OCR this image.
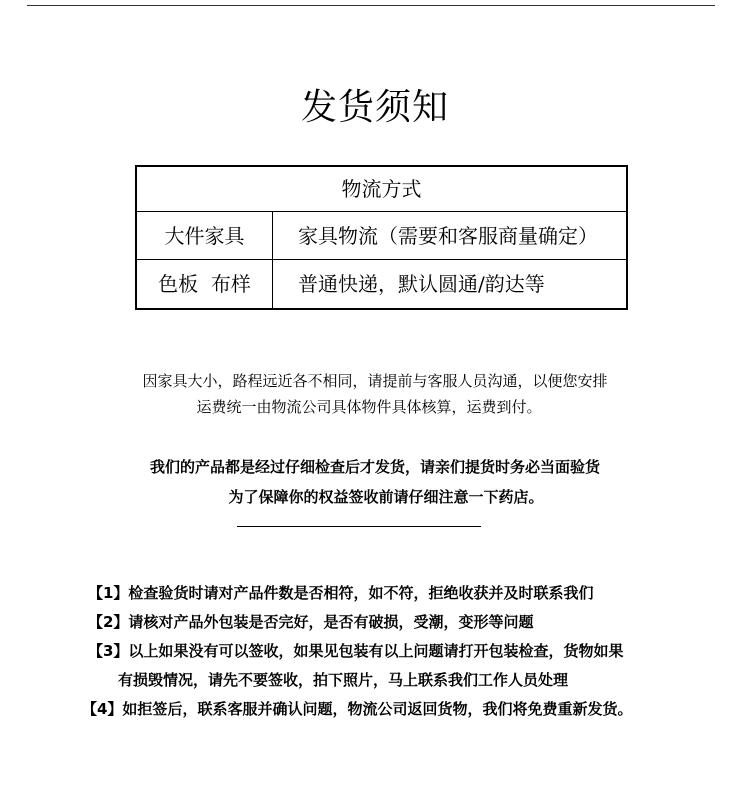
发货须知
物流方式
大件家具	家具物流（需要和客服商量确定）
色板  布样	普通快递，默认圆通/韵达等
因家具大小，路程远近各不相同，请提前与客服人员沟通，以便您安排
运费统一由物流公司具体物件具体核算，运费到付。
我们的产品都是经过仔细检查后才发货，请亲们提货时务必当面验货
为了保障你的权益签收前请仔细注意一下药店。
【1】检查验货时请对产品件数是否相符，如不符，拒绝收获并及时联系我们
【2】请核对产品外包装是否完好，是否有破损，受潮，变形等问题
【3】以上如果没有可以签收，如果见包装有以上问题请打开包装检查，货物如果
有损毁情况，请先不要签收，拍下照片，马上联系我们工作人员处理
【4】如拒签后，联系客服并确认问题，物流公司返回货物，我们将免费重新发货。
